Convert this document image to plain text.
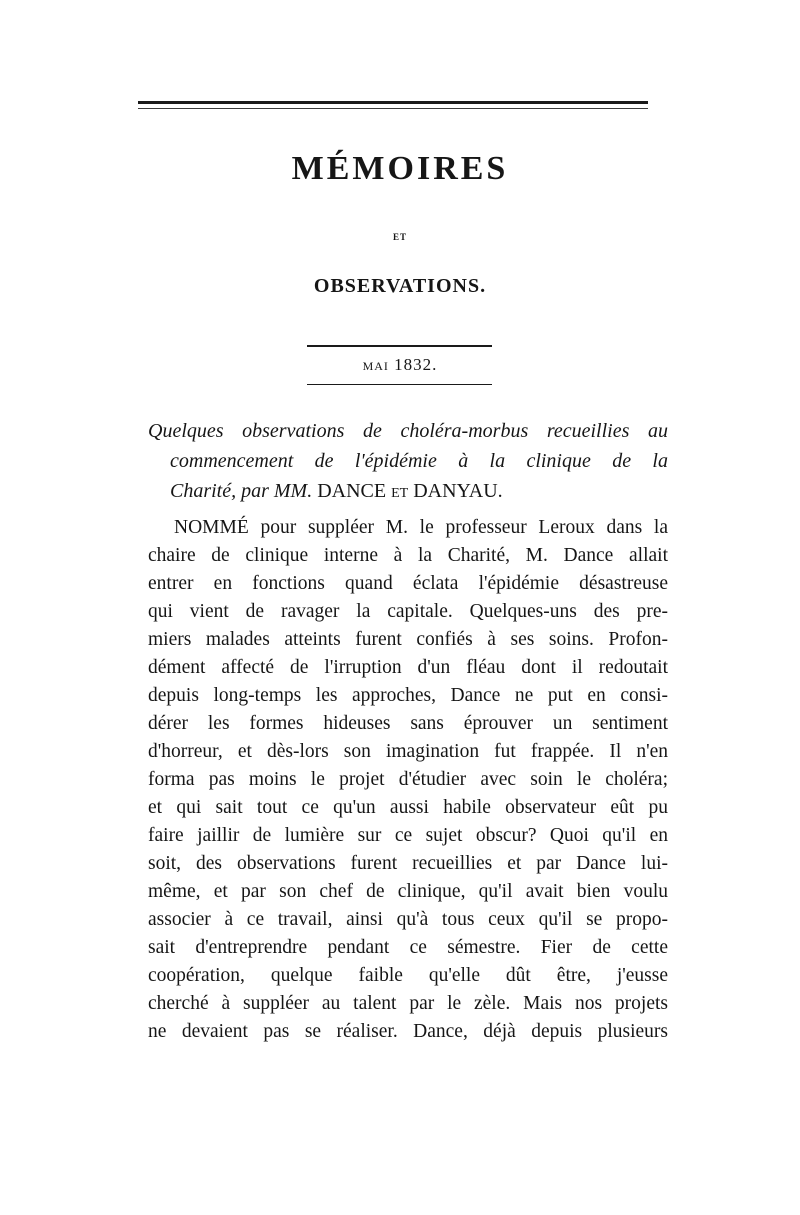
MÉMOIRES
ET
OBSERVATIONS.
MAI 1832.
Quelques observations de choléra-morbus recueillies au
commencement de l'épidémie à la clinique de la
Charité, par MM. DANCE et DANYAU.
NOMMÉ pour suppléer M. le professeur Leroux dans la
chaire de clinique interne à la Charité, M. Dance allait
entrer en fonctions quand éclata l'épidémie désastreuse
qui vient de ravager la capitale. Quelques-uns des pre-
miers malades atteints furent confiés à ses soins. Profon-
dément affecté de l'irruption d'un fléau dont il redoutait
depuis long-temps les approches, Dance ne put en consi-
dérer les formes hideuses sans éprouver un sentiment
d'horreur, et dès-lors son imagination fut frappée. Il n'en
forma pas moins le projet d'étudier avec soin le choléra;
et qui sait tout ce qu'un aussi habile observateur eût pu
faire jaillir de lumière sur ce sujet obscur? Quoi qu'il en
soit, des observations furent recueillies et par Dance lui-
même, et par son chef de clinique, qu'il avait bien voulu
associer à ce travail, ainsi qu'à tous ceux qu'il se propo-
sait d'entreprendre pendant ce sémestre. Fier de cette
coopération, quelque faible qu'elle dût être, j'eusse
cherché à suppléer au talent par le zèle. Mais nos projets
ne devaient pas se réaliser. Dance, déjà depuis plusieurs
